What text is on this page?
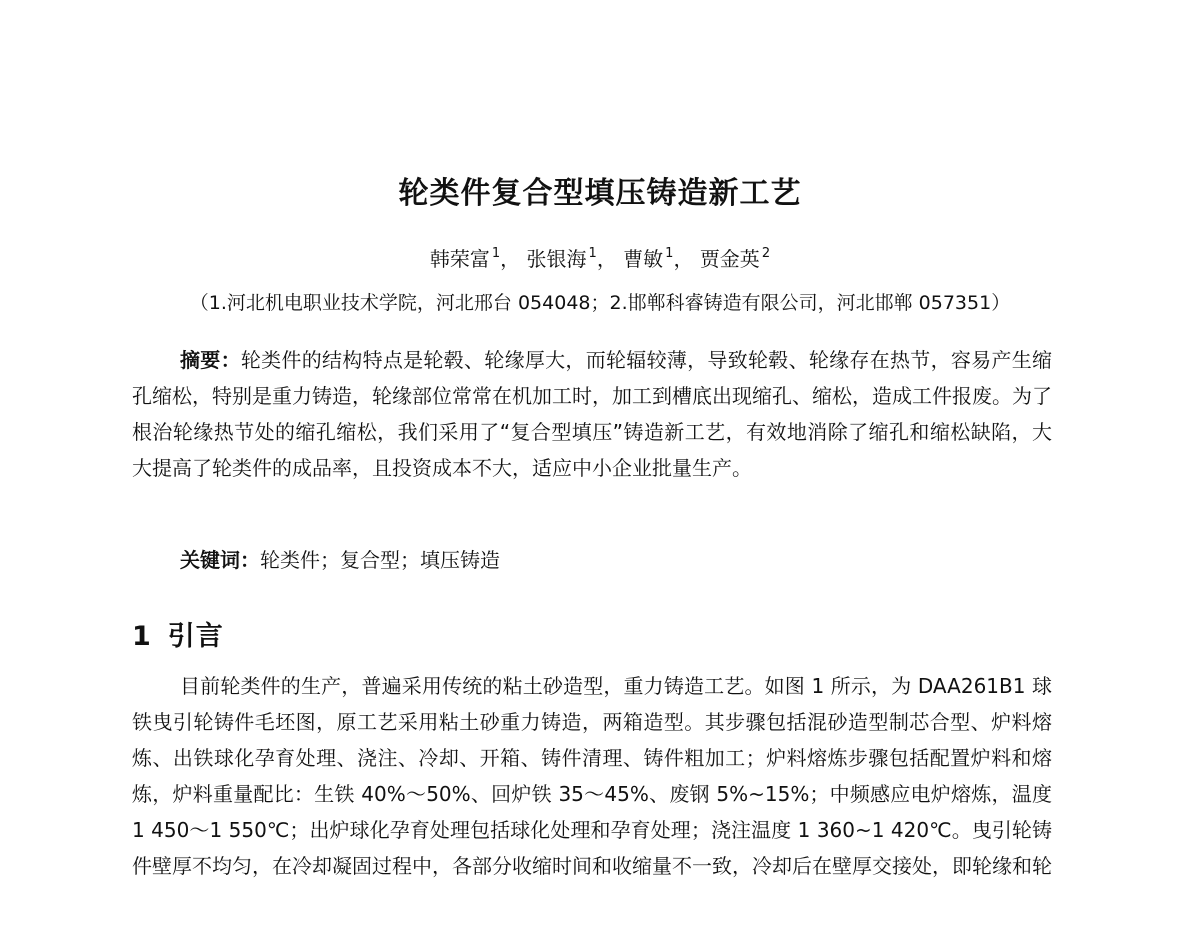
轮类件复合型填压铸造新工艺
韩荣富 $^1$， 张银海 $^1$， 曹敏 $^1$， 贾金英 $^2$
（1.河北机电职业技术学院，河北邢台 054048；2.邯郸科睿铸造有限公司，河北邯郸 057351）

摘要：轮类件的结构特点是轮毂、轮缘厚大，而轮辐较薄，导致轮毂、轮缘存在热节，容易产生缩孔缩松，特别是重力铸造，轮缘部位常常在机加工时，加工到槽底出现缩孔、缩松，造成工件报废。为了根治轮缘热节处的缩孔缩松，我们采用了“复合型填压”铸造新工艺，有效地消除了缩孔和缩松缺陷，大大提高了轮类件的成品率，且投资成本不大，适应中小企业批量生产。

关键词：轮类件；复合型；填压铸造

1 引言

目前轮类件的生产，普遍采用传统的粘土砂造型，重力铸造工艺。如图 1 所示，为 DAA261B1 球铁曳引轮铸件毛坯图，原工艺采用粘土砂重力铸造，两箱造型。其步骤包括混砂造型制芯合型、炉料熔炼、出铁球化孕育处理、浇注、冷却、开箱、铸件清理、铸件粗加工；炉料熔炼步骤包括配置炉料和熔炼，炉料重量配比：生铁 40%～50%、回炉铁 35～45%、废钢 5%~15%；中频感应电炉熔炼，温度 1 450～1 550℃；出炉球化孕育处理包括球化处理和孕育处理；浇注温度 1 360~1 420℃。曳引轮铸件壁厚不均匀，在冷却凝固过程中，各部分收缩时间和收缩量不一致，冷却后在壁厚交接处，即轮缘和轮
